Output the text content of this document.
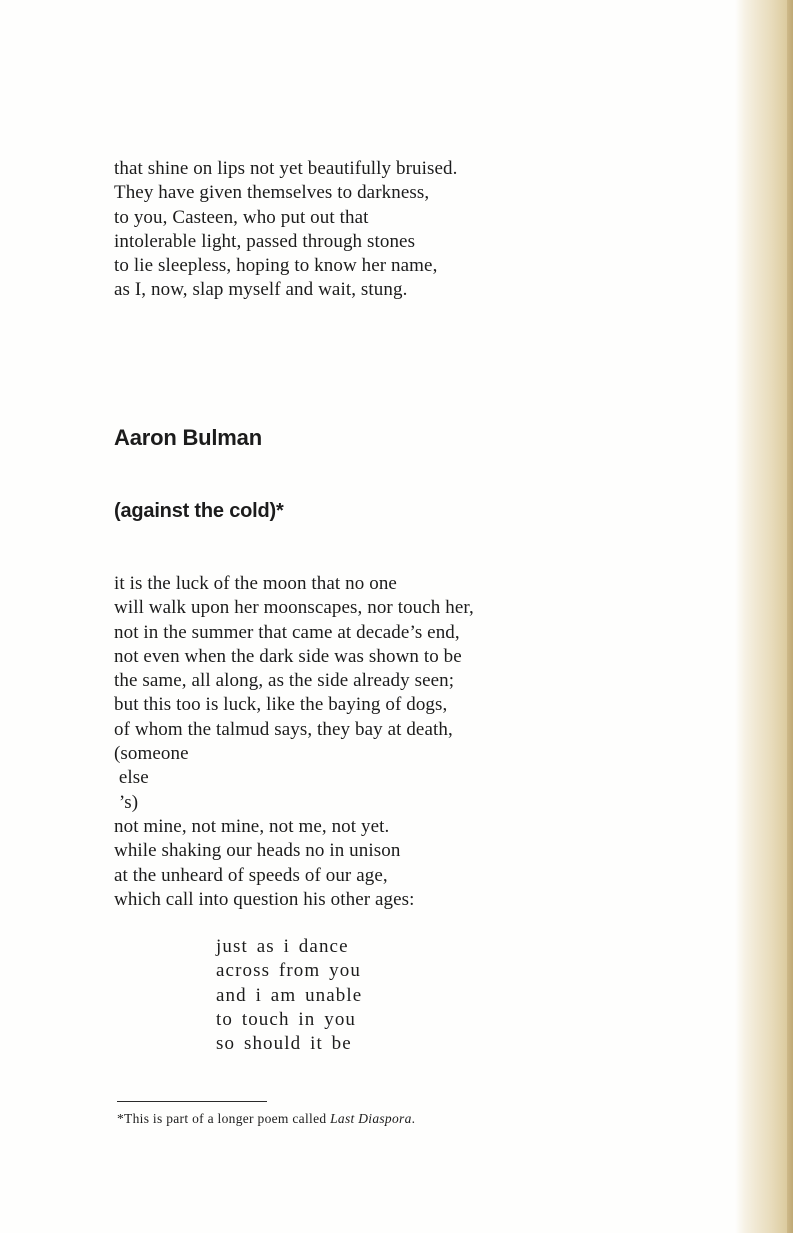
that shine on lips not yet beautifully bruised.
They have given themselves to darkness,
to you, Casteen, who put out that
intolerable light, passed through stones
to lie sleepless, hoping to know her name,
as I, now, slap myself and wait, stung.
Aaron Bulman
(against the cold)*
it is the luck of the moon that no one
will walk upon her moonscapes, nor touch her,
not in the summer that came at decade’s end,
not even when the dark side was shown to be
the same, all along, as the side already seen;
but this too is luck, like the baying of dogs,
of whom the talmud says, they bay at death,
(someone
else
’s)
not mine, not mine, not me, not yet.
while shaking our heads no in unison
at the unheard of speeds of our age,
which call into question his other ages:
just as i dance
across from you
and i am unable
to touch in you
so should it be
*This is part of a longer poem called Last Diaspora.
